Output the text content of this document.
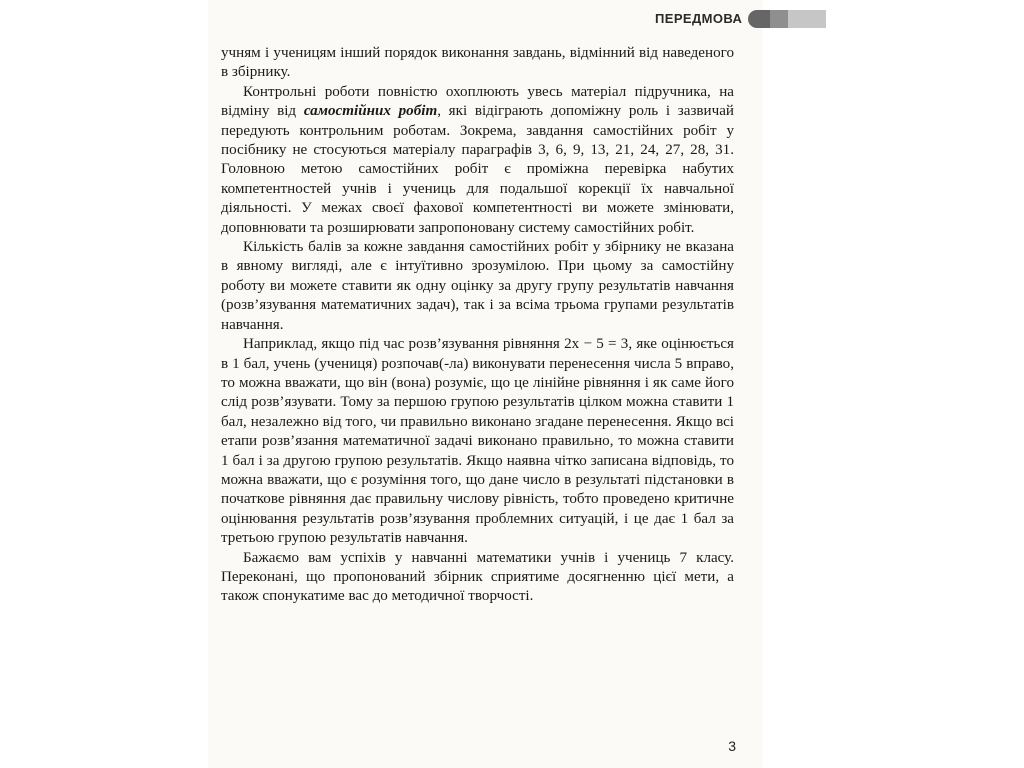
ПЕРЕДМОВА

учням і ученицям інший порядок виконання завдань, відмінний від наведеного в збірнику.

Контрольні роботи повністю охоплюють увесь матеріал підручника, на відміну від самостійних робіт, які відіграють допоміжну роль і зазвичай передують контрольним роботам. Зокрема, завдання самостійних робіт у посібнику не стосуються матеріалу параграфів 3, 6, 9, 13, 21, 24, 27, 28, 31. Головною метою самостійних робіт є проміжна перевірка набутих компетентностей учнів і учениць для подальшої корекції їх навчальної діяльності. У межах своєї фахової компетентності ви можете змінювати, доповнювати та розширювати запропоновану систему самостійних робіт.

Кількість балів за кожне завдання самостійних робіт у збірнику не вказана в явному вигляді, але є інтуїтивно зрозумілою. При цьому за самостійну роботу ви можете ставити як одну оцінку за другу групу результатів навчання (розв’язування математичних задач), так і за всіма трьома групами результатів навчання.

Наприклад, якщо під час розв’язування рівняння 2x − 5 = 3, яке оцінюється в 1 бал, учень (учениця) розпочав(-ла) виконувати перенесення числа 5 вправо, то можна вважати, що він (вона) розуміє, що це лінійне рівняння і як саме його слід розв’язувати. Тому за першою групою результатів цілком можна ставити 1 бал, незалежно від того, чи правильно виконано згадане перенесення. Якщо всі етапи розв’язання математичної задачі виконано правильно, то можна ставити 1 бал і за другою групою результатів. Якщо наявна чітко записана відповідь, то можна вважати, що є розуміння того, що дане число в результаті підстановки в початкове рівняння дає правильну числову рівність, тобто проведено критичне оцінювання результатів розв’язування проблемних ситуацій, і це дає 1 бал за третьою групою результатів навчання.

Бажаємо вам успіхів у навчанні математики учнів і учениць 7 класу. Переконані, що пропонований збірник сприятиме досягненню цієї мети, а також спонукатиме вас до методичної творчості.

3
